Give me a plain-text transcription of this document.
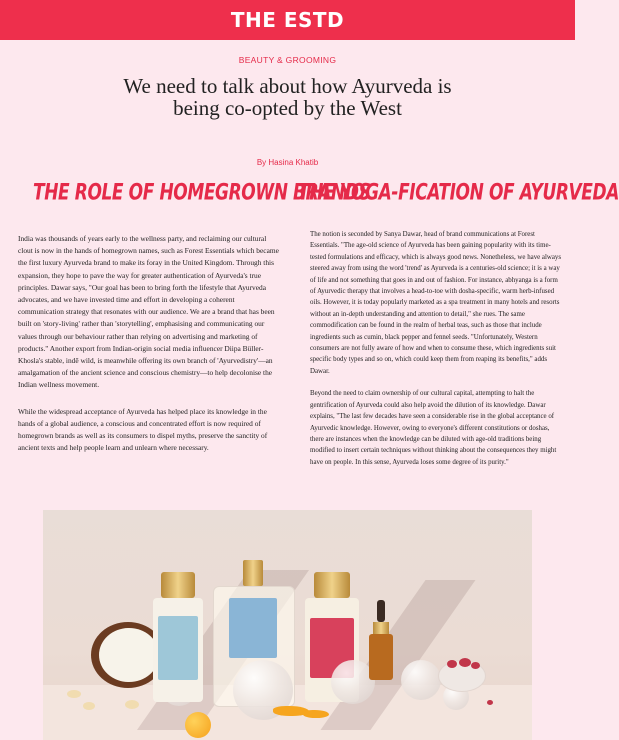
THE ESTD
BEAUTY & GROOMING
We need to talk about how Ayurveda is being co-opted by the West
By Hasina Khatib
THE ROLE OF HOMEGROWN BRANDS
THE YOGA-FICATION OF AYURVEDA

India was thousands of years early to the wellness party, and reclaiming our cultural clout is now in the hands of homegrown names, such as Forest Essentials which became the first luxury Ayurveda brand to make its foray in the United Kingdom. Through this expansion, they hope to pave the way for greater authentication of Ayurveda's true principles. Dawar says, "Our goal has been to bring forth the lifestyle that Ayurveda advocates, and we have invested time and effort in developing a coherent communication strategy that resonates with our audience. We are a brand that has been built on 'story-living' rather than 'storytelling', emphasising and communicating our values through our behaviour rather than relying on advertising and marketing of products." Another export from Indian-origin social media influencer Diipa Büller-Khosla's stable, indē wild, is meanwhile offering its own branch of 'Ayurvedistry'—an amalgamation of the ancient science and conscious chemistry—to help decolonise the Indian wellness movement.

While the widespread acceptance of Ayurveda has helped place its knowledge in the hands of a global audience, a conscious and concentrated effort is now required of homegrown brands as well as its consumers to dispel myths, preserve the sanctity of ancient texts and help people learn and unlearn where necessary.

The notion is seconded by Sanya Dawar, head of brand communications at Forest Essentials. "The age-old science of Ayurveda has been gaining popularity with its time-tested formulations and efficacy, which is always good news. Nonetheless, we have always steered away from using the word 'trend' as Ayurveda is a centuries-old science; it is a way of life and not something that goes in and out of fashion. For instance, abhyanga is a form of Ayurvedic therapy that involves a head-to-toe with dosha-specific, warm herb-infused oils. However, it is today popularly marketed as a spa treatment in many hotels and resorts without an in-depth understanding and attention to detail," she rues. The same commodification can be found in the realm of herbal teas, such as those that include ingredients such as cumin, black pepper and fennel seeds. "Unfortunately, Western consumers are not fully aware of how and when to consume these, which ingredients suit specific body types and so on, which could keep them from reaping its benefits," adds Dawar.

Beyond the need to claim ownership of our cultural capital, attempting to halt the gentrification of Ayurveda could also help avoid the dilution of its knowledge. Dawar explains, "The last few decades have seen a considerable rise in the global acceptance of Ayurvedic knowledge. However, owing to everyone's different constitutions or doshas, there are instances when the knowledge can be diluted with age-old traditions being modified to insert certain techniques without thinking about the consequences they might have on people. In this sense, Ayurveda loses some degree of its purity."
